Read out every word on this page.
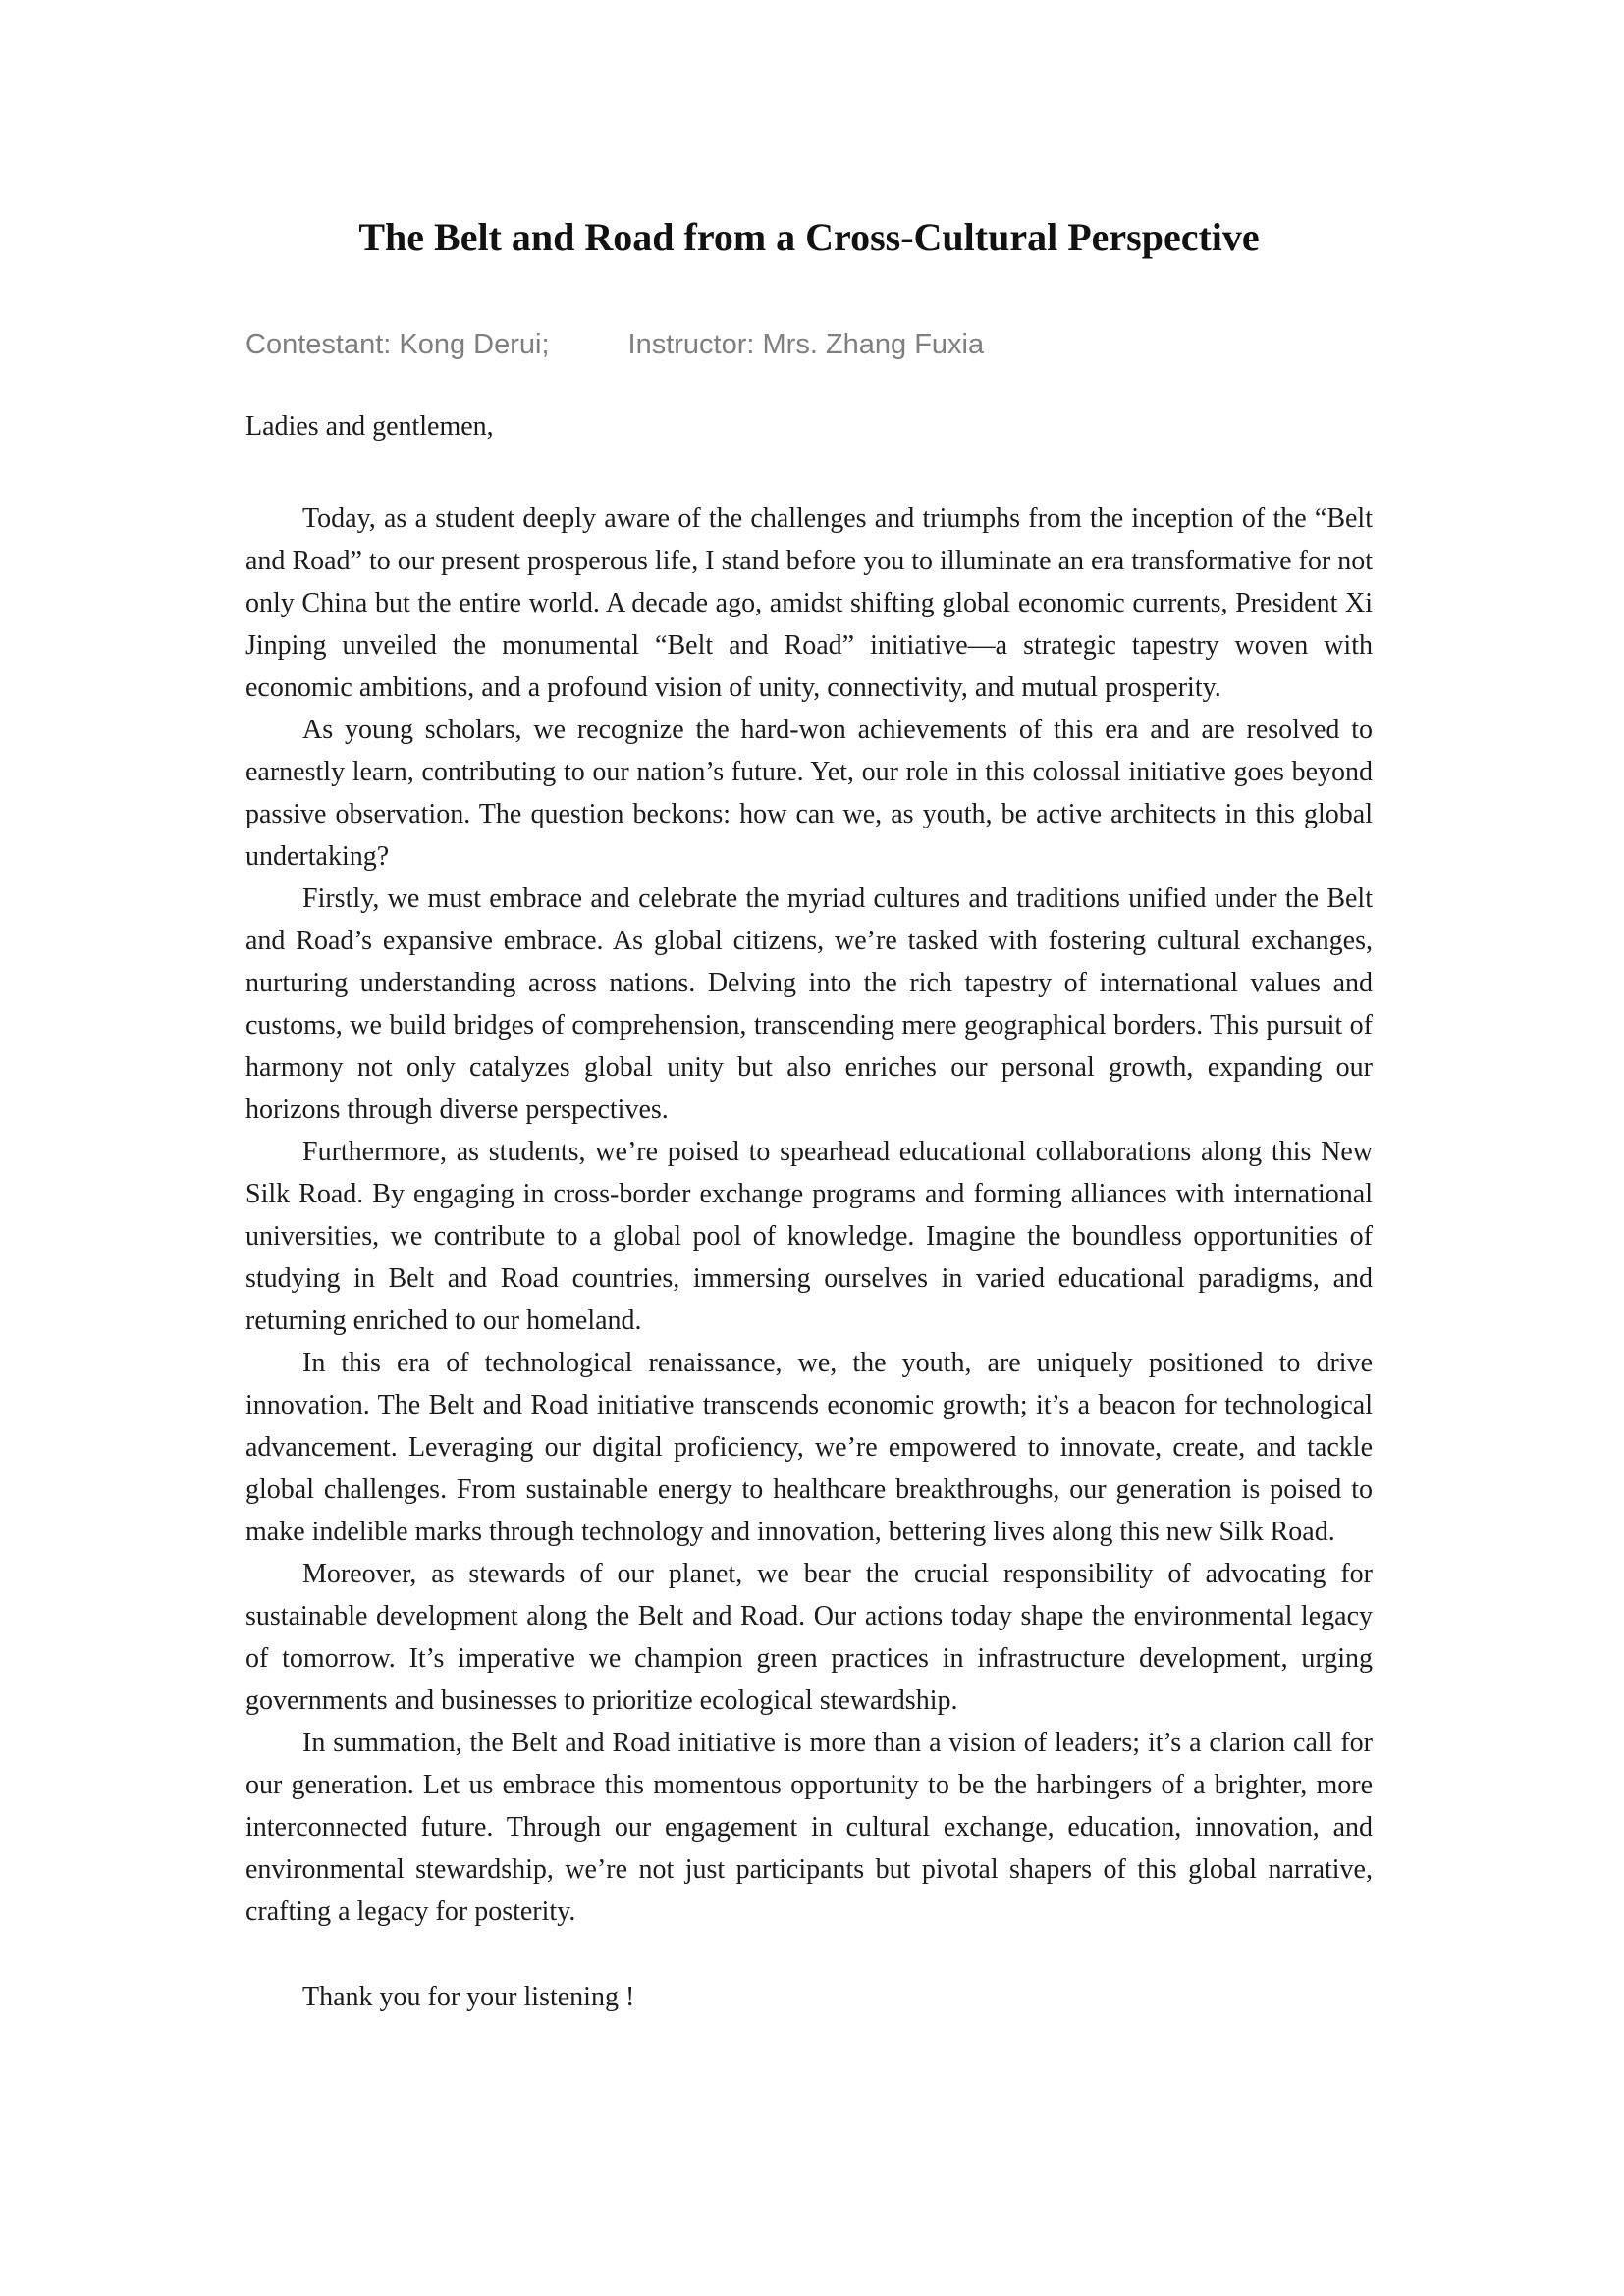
The Belt and Road from a Cross-Cultural Perspective
Contestant: Kong Derui;	Instructor: Mrs. Zhang Fuxia
Ladies and gentlemen,

Today, as a student deeply aware of the challenges and triumphs from the inception of the “Belt and Road” to our present prosperous life, I stand before you to illuminate an era transformative for not only China but the entire world. A decade ago, amidst shifting global economic currents, President Xi Jinping unveiled the monumental “Belt and Road” initiative—a strategic tapestry woven with economic ambitions, and a profound vision of unity, connectivity, and mutual prosperity.

As young scholars, we recognize the hard-won achievements of this era and are resolved to earnestly learn, contributing to our nation’s future. Yet, our role in this colossal initiative goes beyond passive observation. The question beckons: how can we, as youth, be active architects in this global undertaking?

Firstly, we must embrace and celebrate the myriad cultures and traditions unified under the Belt and Road’s expansive embrace. As global citizens, we’re tasked with fostering cultural exchanges, nurturing understanding across nations. Delving into the rich tapestry of international values and customs, we build bridges of comprehension, transcending mere geographical borders. This pursuit of harmony not only catalyzes global unity but also enriches our personal growth, expanding our horizons through diverse perspectives.

Furthermore, as students, we’re poised to spearhead educational collaborations along this New Silk Road. By engaging in cross-border exchange programs and forming alliances with international universities, we contribute to a global pool of knowledge. Imagine the boundless opportunities of studying in Belt and Road countries, immersing ourselves in varied educational paradigms, and returning enriched to our homeland.

In this era of technological renaissance, we, the youth, are uniquely positioned to drive innovation. The Belt and Road initiative transcends economic growth; it’s a beacon for technological advancement. Leveraging our digital proficiency, we’re empowered to innovate, create, and tackle global challenges. From sustainable energy to healthcare breakthroughs, our generation is poised to make indelible marks through technology and innovation, bettering lives along this new Silk Road.

Moreover, as stewards of our planet, we bear the crucial responsibility of advocating for sustainable development along the Belt and Road. Our actions today shape the environmental legacy of tomorrow. It’s imperative we champion green practices in infrastructure development, urging governments and businesses to prioritize ecological stewardship.

In summation, the Belt and Road initiative is more than a vision of leaders; it’s a clarion call for our generation. Let us embrace this momentous opportunity to be the harbingers of a brighter, more interconnected future. Through our engagement in cultural exchange, education, innovation, and environmental stewardship, we’re not just participants but pivotal shapers of this global narrative, crafting a legacy for posterity.

Thank you for your listening !
